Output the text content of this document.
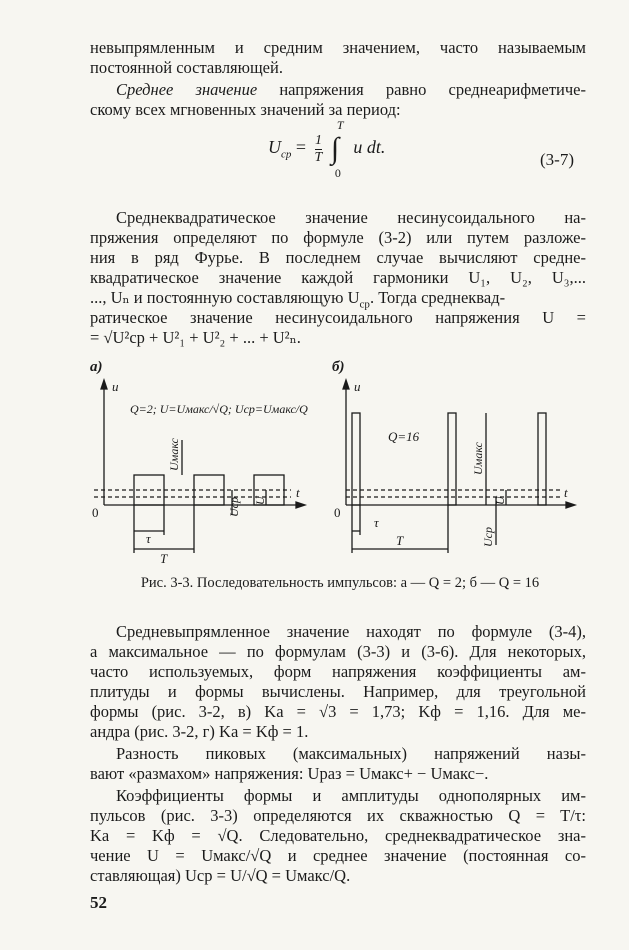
невыпрямленным и средним значением, часто называемым
постоянной составляющей.
Среднее значение напряжения равно среднеарифметиче-
скому всех мгновенных значений за период:
$U_{ср} = \frac{1}{T}$ ∫
T
0
u dt.
(3-7)
Среднеквадратическое значение несинусоидального на-
пряжения определяют по формуле (3-2) или путем разложе-
ния в ряд Фурье. В последнем случае вычисляют средне-
квадратическое значение каждой гармоники U₁, U₂, U₃,...
..., Uₙ и постоянную составляющую $U_{ср}$. Тогда среднеквад-
ратическое значение несинусоидального напряжения U =
= √U²ср + U²₁ + U²₂ + ... + U²ₙ.
а)	б)
u	u
t	t
0	0
Q=2; U=Uмакс/√Q; Uср=Uмакс/Q
Q=16
τ
T
τ
T
Uмакс
Uср U
Uмакс
U
Uср
Рис. 3-3. Последовательность импульсов: а — Q = 2; б — Q = 16
Средневыпрямленное значение находят по формуле (3-4),
а максимальное — по формулам (3-3) и (3-6). Для некоторых,
часто используемых, форм напряжения коэффициенты ам-
плитуды и формы вычислены. Например, для треугольной
формы (рис. 3-2, в) Kа = √3 = 1,73; Kф = 1,16. Для ме-
андра (рис. 3-2, г) Kа = Kф = 1.
Разность пиковых (максимальных) напряжений назы-
вают «размахом» напряжения: Uраз = Uмакс+ − Uмакс−.
Коэффициенты формы и амплитуды однополярных им-
пульсов (рис. 3-3) определяются их скважностью Q = T/τ:
Kа = Kф = √Q. Следовательно, среднеквадратическое зна-
чение U = Uмакс/√Q и среднее значение (постоянная со-
ставляющая) Uср = U/√Q = Uмакс/Q.
52
